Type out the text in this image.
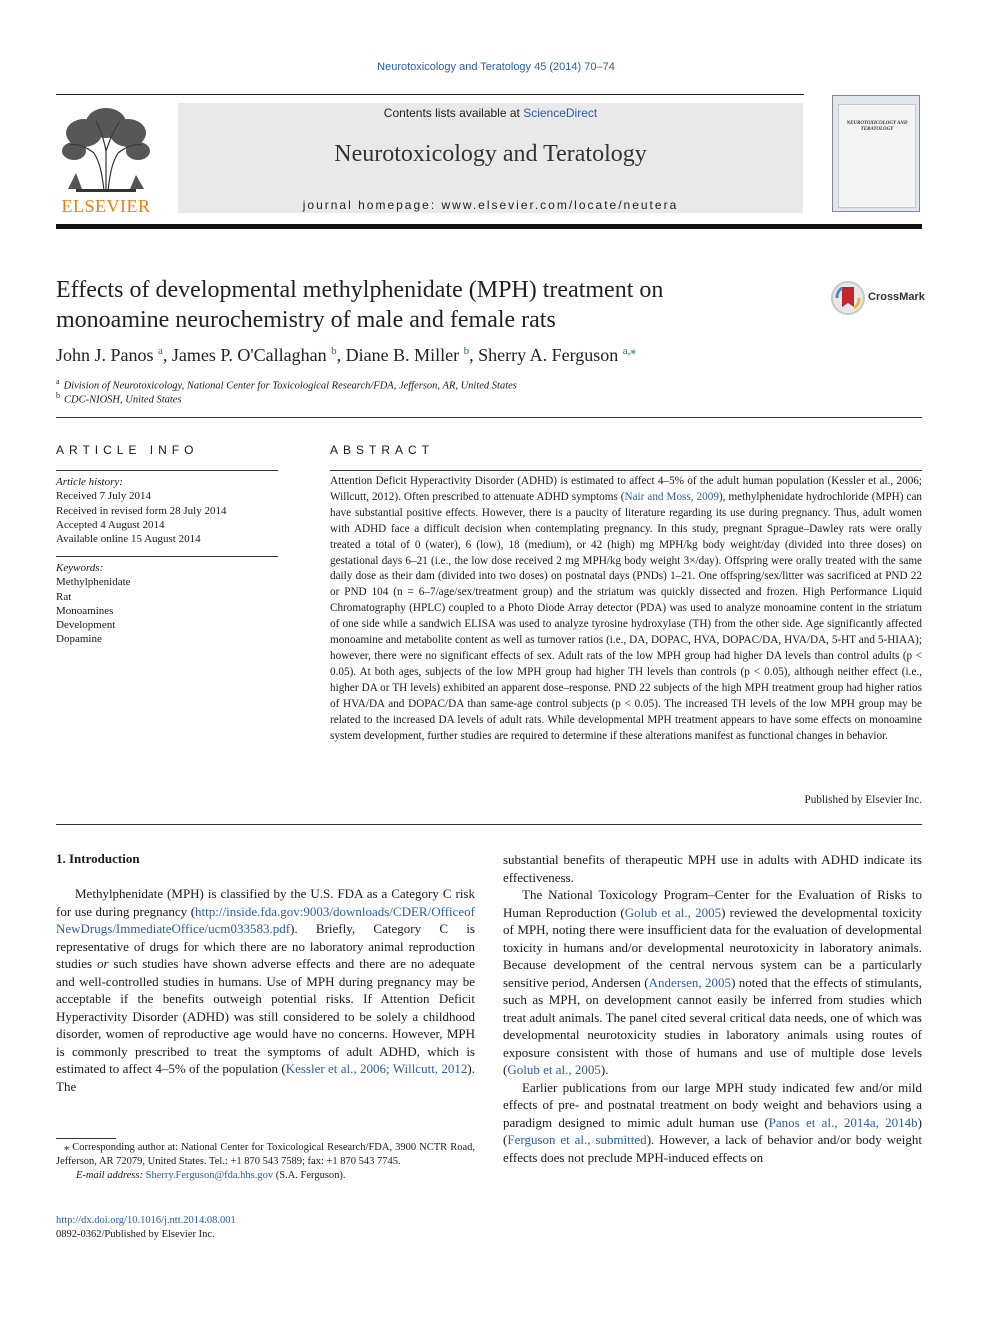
Neurotoxicology and Teratology 45 (2014) 70–74
ELSEVIER
Contents lists available at ScienceDirect
Neurotoxicology and Teratology
journal homepage: www.elsevier.com/locate/neutera
NEUROTOXICOLOGY AND TERATOLOGY
Effects of developmental methylphenidate (MPH) treatment on monoamine neurochemistry of male and female rats
CrossMark
John J. Panos $^a$, James P. O'Callaghan $^b$, Diane B. Miller $^b$, Sherry A. Ferguson $^{a,⁎}$
$^a$ Division of Neurotoxicology, National Center for Toxicological Research/FDA, Jefferson, AR, United States
$^b$ CDC-NIOSH, United States
ARTICLE INFO
Article history:
Received 7 July 2014
Received in revised form 28 July 2014
Accepted 4 August 2014
Available online 15 August 2014
Keywords:
Methylphenidate
Rat
Monoamines
Development
Dopamine
ABSTRACT
Attention Deficit Hyperactivity Disorder (ADHD) is estimated to affect 4–5% of the adult human population (Kessler et al., 2006; Willcutt, 2012). Often prescribed to attenuate ADHD symptoms (Nair and Moss, 2009), methylphenidate hydrochloride (MPH) can have substantial positive effects. However, there is a paucity of literature regarding its use during pregnancy. Thus, adult women with ADHD face a difficult decision when contemplating pregnancy. In this study, pregnant Sprague–Dawley rats were orally treated a total of 0 (water), 6 (low), 18 (medium), or 42 (high) mg MPH/kg body weight/day (divided into three doses) on gestational days 6–21 (i.e., the low dose received 2 mg MPH/kg body weight 3×/day). Offspring were orally treated with the same daily dose as their dam (divided into two doses) on postnatal days (PNDs) 1–21. One offspring/sex/litter was sacrificed at PND 22 or PND 104 (n = 6–7/age/sex/treatment group) and the striatum was quickly dissected and frozen. High Performance Liquid Chromatography (HPLC) coupled to a Photo Diode Array detector (PDA) was used to analyze monoamine content in the striatum of one side while a sandwich ELISA was used to analyze tyrosine hydroxylase (TH) from the other side. Age significantly affected monoamine and metabolite content as well as turnover ratios (i.e., DA, DOPAC, HVA, DOPAC/DA, HVA/DA, 5-HT and 5-HIAA); however, there were no significant effects of sex. Adult rats of the low MPH group had higher DA levels than control adults (p < 0.05). At both ages, subjects of the low MPH group had higher TH levels than controls (p < 0.05), although neither effect (i.e., higher DA or TH levels) exhibited an apparent dose–response. PND 22 subjects of the high MPH treatment group had higher ratios of HVA/DA and DOPAC/DA than same-age control subjects (p < 0.05). The increased TH levels of the low MPH group may be related to the increased DA levels of adult rats. While developmental MPH treatment appears to have some effects on monoamine system development, further studies are required to determine if these alterations manifest as functional changes in behavior.
Published by Elsevier Inc.
1. Introduction

Methylphenidate (MPH) is classified by the U.S. FDA as a Category C risk for use during pregnancy (http://inside.fda.gov:9003/downloads/CDER/OfficeofNewDrugs/ImmediateOffice/ucm033583.pdf). Briefly, Category C is representative of drugs for which there are no laboratory animal reproduction studies or such studies have shown adverse effects and there are no adequate and well-controlled studies in humans. Use of MPH during pregnancy may be acceptable if the benefits outweigh potential risks. If Attention Deficit Hyperactivity Disorder (ADHD) was still considered to be solely a childhood disorder, women of reproductive age would have no concerns. However, MPH is commonly prescribed to treat the symptoms of adult ADHD, which is estimated to affect 4–5% of the population (Kessler et al., 2006; Willcutt, 2012). The

substantial benefits of therapeutic MPH use in adults with ADHD indicate its effectiveness.

The National Toxicology Program–Center for the Evaluation of Risks to Human Reproduction (Golub et al., 2005) reviewed the developmental toxicity of MPH, noting there were insufficient data for the evaluation of developmental toxicity in humans and/or developmental neurotoxicity in laboratory animals. Because development of the central nervous system can be a particularly sensitive period, Andersen (Andersen, 2005) noted that the effects of stimulants, such as MPH, on development cannot easily be inferred from studies which treat adult animals. The panel cited several critical data needs, one of which was developmental neurotoxicity studies in laboratory animals using routes of exposure consistent with those of humans and use of multiple dose levels (Golub et al., 2005).

Earlier publications from our large MPH study indicated few and/or mild effects of pre- and postnatal treatment on body weight and behaviors using a paradigm designed to mimic adult human use (Panos et al., 2014a, 2014b) (Ferguson et al., submitted). However, a lack of behavior and/or body weight effects does not preclude MPH-induced effects on

⁎ Corresponding author at: National Center for Toxicological Research/FDA, 3900 NCTR Road, Jefferson, AR 72079, United States. Tel.: +1 870 543 7589; fax: +1 870 543 7745.
E-mail address: Sherry.Ferguson@fda.hhs.gov (S.A. Ferguson).
http://dx.doi.org/10.1016/j.ntt.2014.08.001
0892-0362/Published by Elsevier Inc.
